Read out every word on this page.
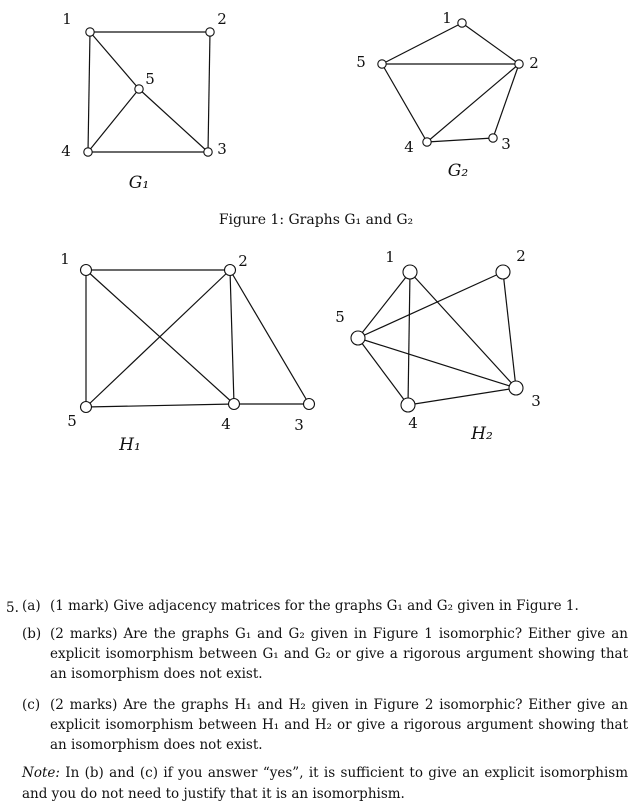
1	2
3
4
5
G₁
1
2
3
4
5
G₂
1	2
3
4
5
H₁
1	2
3
4
5
H₂
Figure 1: Graphs G₁ and G₂
5. (a) (1 mark) Give adjacency matrices for the graphs G₁ and G₂ given in Figure 1.
(b) (2 marks) Are the graphs G₁ and G₂ given in Figure 1 isomorphic? Either give an explicit isomorphism between G₁ and G₂ or give a rigorous argument showing that an isomorphism does not exist.
(c) (2 marks) Are the graphs H₁ and H₂ given in Figure 2 isomorphic? Either give an explicit isomorphism between H₁ and H₂ or give a rigorous argument showing that an isomorphism does not exist.
Note: In (b) and (c) if you answer “yes”, it is sufficient to give an explicit isomorphism and you do not need to justify that it is an isomorphism.
